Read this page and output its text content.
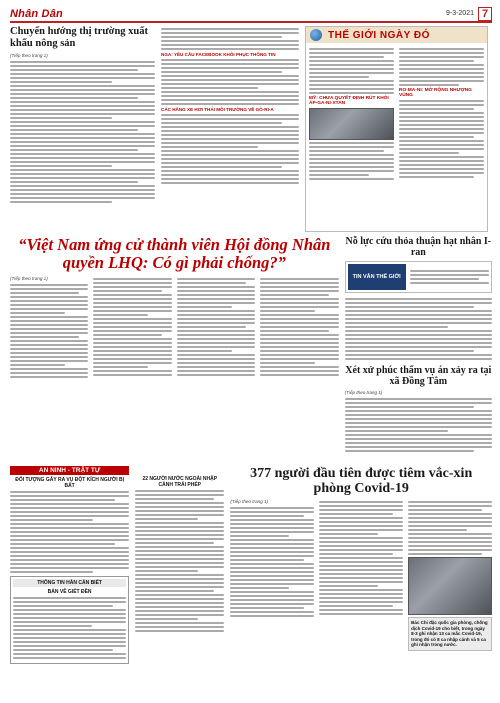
Nhân Dân	9-3-2021 7
Chuyển hướng thị trường xuất khẩu nông sản
(Tiếp theo trang 1)	NGA: YÊU CẦU FACEBOOK KHÔI PHỤC THÔNG TIN
CÁC HÃNG XE HƠI THẢI MÔI TRƯỜNG VỀ GỖ-RI-A
THẾ GIỚI NGÀY ĐÓ
MỸ: CHƯA QUYẾT ĐỊNH RÚT KHỎI ÁP-GA-NI-XTAN
RO-MA-NI: MỞ RỘNG NHƯỢNG VÙNG
“Việt Nam ứng cử thành viên Hội đồng Nhân quyền LHQ: Có gì phải chống?”
(Tiếp theo trang 1)
Nỗ lực cứu thỏa thuận hạt nhân I-ran
TIN VẮN THẾ GIỚI
Xét xử phúc thẩm vụ án xảy ra tại xã Đồng Tâm
(Tiếp theo trang 1)
AN NINH - TRẬT TỰ
ĐỐI TƯỢNG GÂY RA VỤ ĐỘT KÍCH NGƯỜI BỊ BẮT
THÔNG TIN HÀN CẢN BIẾT
BẢN VỀ GIẾT ĐỀN
22 NGƯỜI NƯỚC NGOÀI NHẬP CẢNH TRÁI PHÉP
377 người đầu tiên được tiêm vắc-xin phòng Covid-19
(Tiếp theo trang 1)
Bác Chi đặc quốc gia phòng, chống dịch Covid-19 cho biết, trong ngày 8-3 ghi nhận 13 ca mắc Covid-19, trong đó có 8 ca nhập cảnh và 5 ca ghi nhận trong nước.
